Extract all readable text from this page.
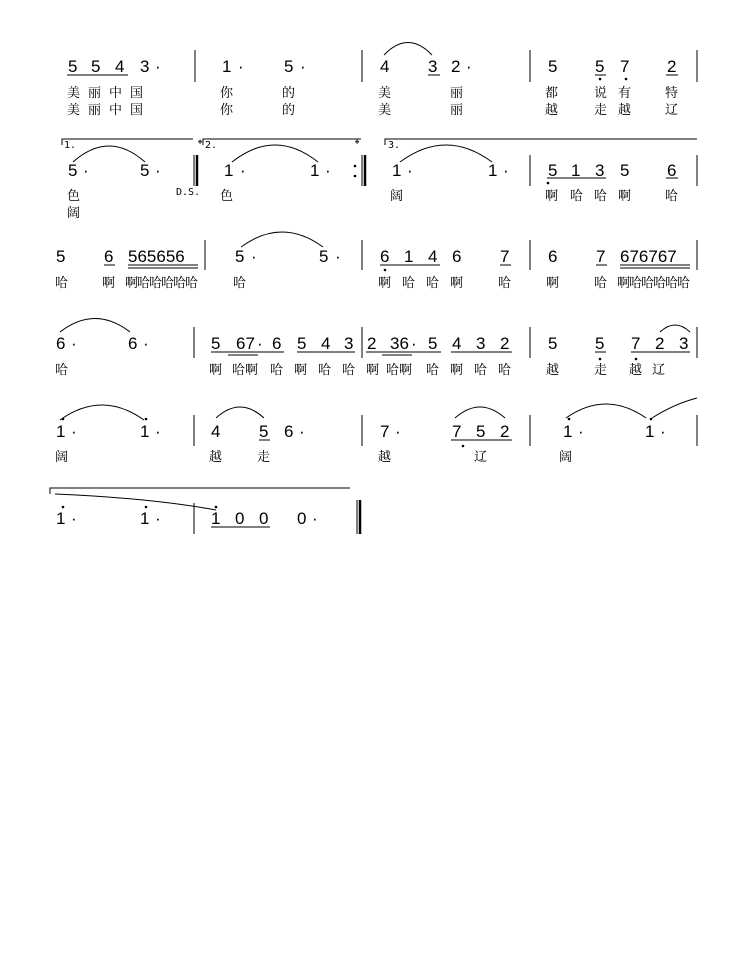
5 5 4 3 ·	1 · 5 ·	4 3 2 ·	5 5 7 2
美 丽 中 国	你	的	美	丽	都	说 有	特
美 丽 中 国	你	的	美	丽	越	走 越	辽
1.	2.	3.
𝄌	𝄌
5 ·	5 ·	1 ·	1 ·	1 ·	1 · 5 1 3 5 6
D.S.
色	色	阔	啊 哈 哈 啊	哈
阔
5 6 565656	5 ·	5 · 6 1 4 6 7 6 7 676767
哈	啊 啊哈哈哈哈哈	哈	啊 哈 哈 啊	哈	啊	哈 啊哈哈哈哈哈
6 ·	6 ·	5 67 · 6 5 4 3 2 36 · 5 4 3 2 5 5 7 2 3
哈	啊 哈啊 哈 啊 哈 哈 啊 哈啊 哈 啊 哈 哈	越	走 越 辽
1 ·	1 ·	4 5 6 ·	7 ·	7 5 2	1 ·	1 ·
阔	越	走	越	辽	阔
1 ·	1 ·	1 0 0 0 ·
